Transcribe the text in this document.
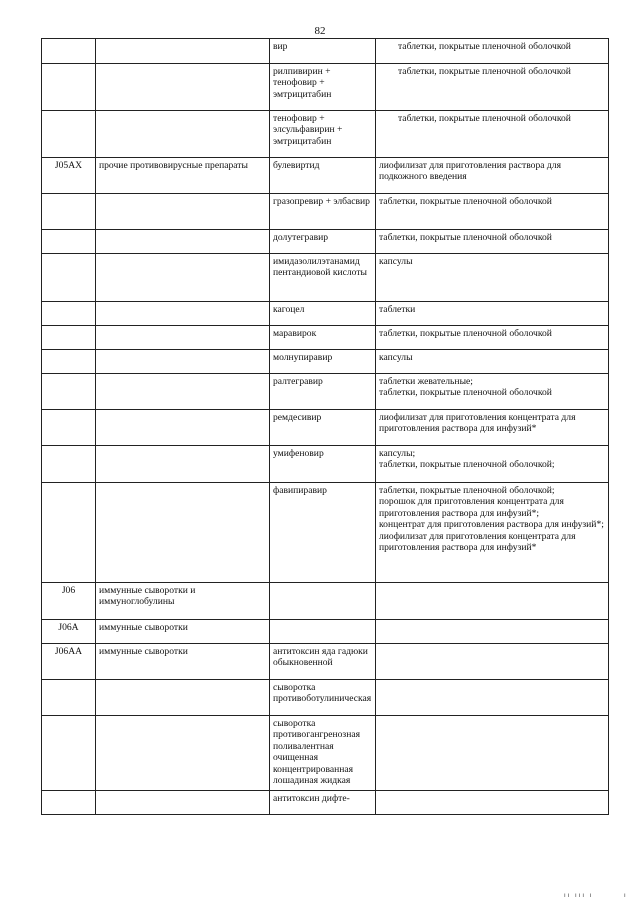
82
		вир	таблетки, покрытые пленочной оболочкой
		рилпивирин + тенофовир + эмтрицитабин	таблетки, покрытые пленочной оболочкой
		тенофовир + элсульфавирин + эмтрицитабин	таблетки, покрытые пленочной оболочкой
J05AX	прочие противовирусные препараты	булевиртид	лиофилизат для приготовления раствора для подкожного введения
		гразопревир + элбасвир	таблетки, покрытые пленочной оболочкой
		долутегравир	таблетки, покрытые пленочной оболочкой
		имидазолилэтанамид пентандиовой кислоты	капсулы
		кагоцел	таблетки
		маравирок	таблетки, покрытые пленочной оболочкой
		молнупиравир	капсулы
		ралтегравир	таблетки жевательные;
таблетки, покрытые пленочной оболочкой
		ремдесивир	лиофилизат для приготовления концентрата для приготовления раствора для инфузий*
		умифеновир	капсулы;
таблетки, покрытые пленочной оболочкой;
		фавипиравир	таблетки, покрытые пленочной оболочкой;
порошок для приготовления концентрата для приготовления раствора для инфузий*;
концентрат для приготовления раствора для инфузий*;
лиофилизат для приготовления концентрата для приготовления раствора для инфузий*
J06	иммунные сыворотки и иммуноглобулины		
J06A	иммунные сыворотки		
J06AA	иммунные сыворотки	антитоксин яда гадюки обыкновенной	
		сыворотка противоботулиническая	
		сыворотка противогангренозная поливалентная очищенная концентрированная лошадиная жидкая	
		антитоксин дифте-	
ıı ııı ı	ı
